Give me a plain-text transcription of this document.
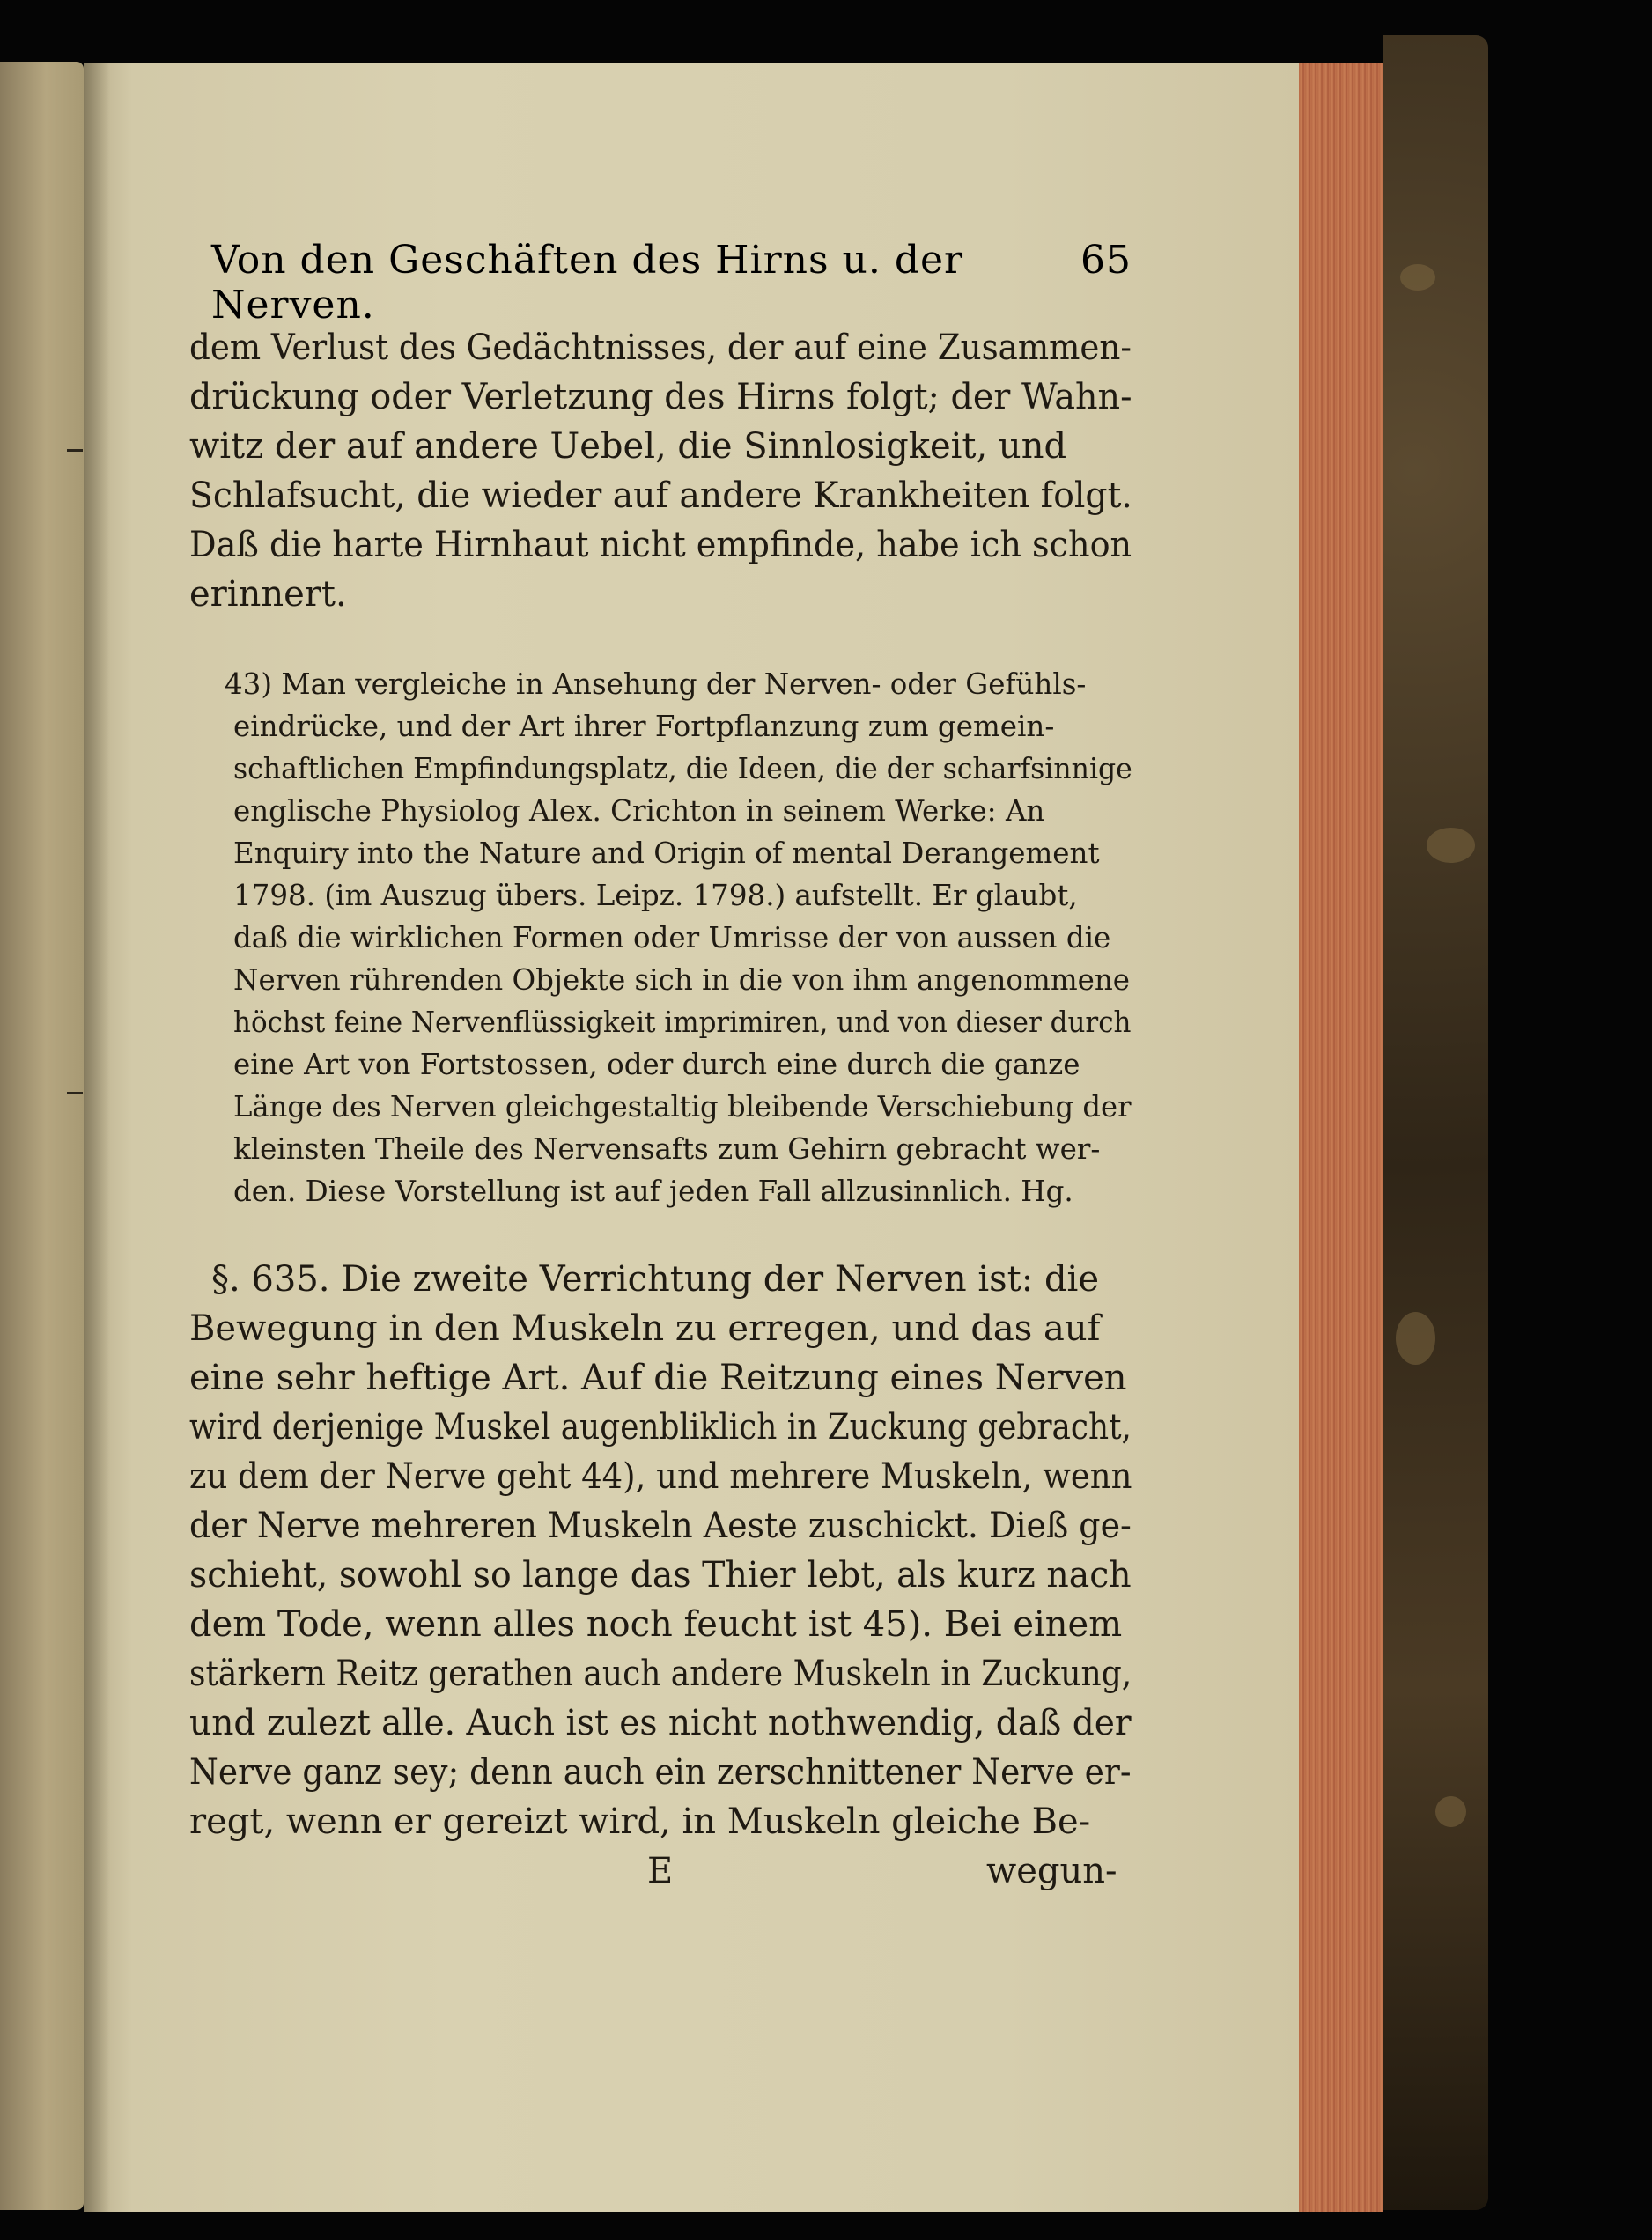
Von den Geschäften des Hirns u. der Nerven.
65
dem Verlust des Gedächtnisses, der auf eine Zusammen-
drückung oder Verletzung des Hirns folgt; der Wahn-
witz der auf andere Uebel, die Sinnlosigkeit, und
Schlafsucht, die wieder auf andere Krankheiten folgt.
Daß die harte Hirnhaut nicht empfinde, habe ich schon
erinnert.
43) Man vergleiche in Ansehung der Nerven- oder Gefühls-
eindrücke, und der Art ihrer Fortpflanzung zum gemein-
schaftlichen Empfindungsplatz, die Ideen, die der scharfsinnige
englische Physiolog Alex. Crichton in seinem Werke: An
Enquiry into the Nature and Origin of mental Derangement
1798. (im Auszug übers. Leipz. 1798.) aufstellt. Er glaubt,
daß die wirklichen Formen oder Umrisse der von aussen die
Nerven rührenden Objekte sich in die von ihm angenommene
höchst feine Nervenflüssigkeit imprimiren, und von dieser durch
eine Art von Fortstossen, oder durch eine durch die ganze
Länge des Nerven gleichgestaltig bleibende Verschiebung der
kleinsten Theile des Nervensafts zum Gehirn gebracht wer-
den. Diese Vorstellung ist auf jeden Fall allzusinnlich. Hg.
§. 635. Die zweite Verrichtung der Nerven ist: die
Bewegung in den Muskeln zu erregen, und das auf
eine sehr heftige Art. Auf die Reitzung eines Nerven
wird derjenige Muskel augenbliklich in Zuckung gebracht,
zu dem der Nerve geht 44), und mehrere Muskeln, wenn
der Nerve mehreren Muskeln Aeste zuschickt. Dieß ge-
schieht, sowohl so lange das Thier lebt, als kurz nach
dem Tode, wenn alles noch feucht ist 45). Bei einem
stärkern Reitz gerathen auch andere Muskeln in Zuckung,
und zulezt alle. Auch ist es nicht nothwendig, daß der
Nerve ganz sey; denn auch ein zerschnittener Nerve er-
regt, wenn er gereizt wird, in Muskeln gleiche Be-
E	wegun-
